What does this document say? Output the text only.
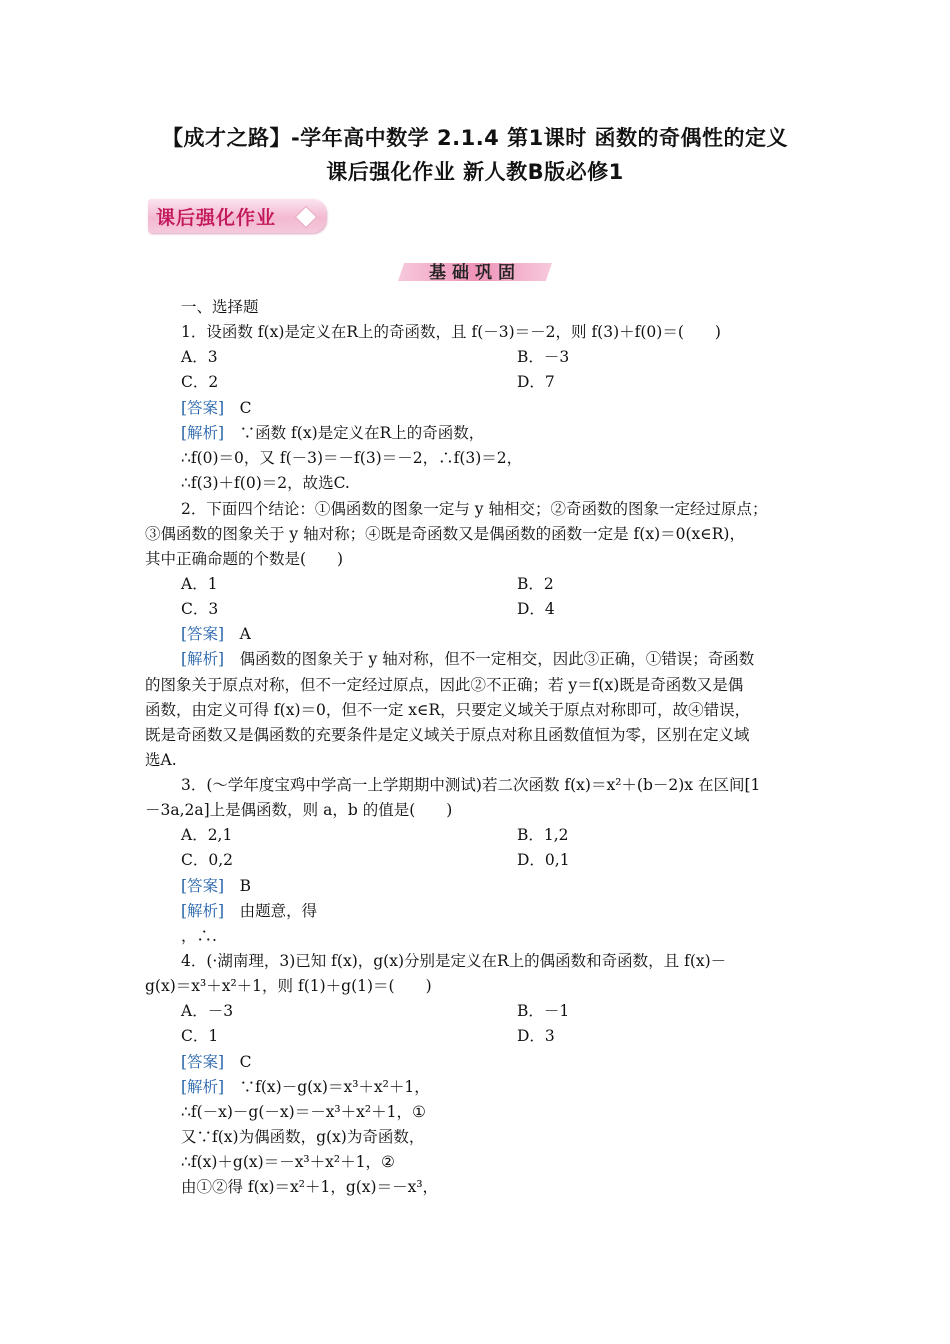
【成才之路】-学年高中数学 2.1.4 第1课时 函数的奇偶性的定义
课后强化作业 新人教B版必修1
课后强化作业
基础巩固
一、选择题
1．设函数 f(x)是定义在R上的奇函数，且 f(－3)＝－2，则 f(3)＋f(0)＝(　　)
A．3	B．－3
C．2	D．7
[答案]　 C
[解析]　 ∵函数 f(x)是定义在R上的奇函数，
∴f(0)＝0，又 f(－3)＝－f(3)＝－2，∴f(3)＝2，
∴f(3)＋f(0)＝2，故选C.
2．下面四个结论：①偶函数的图象一定与 y 轴相交；②奇函数的图象一定经过原点；
③偶函数的图象关于 y 轴对称；④既是奇函数又是偶函数的函数一定是 f(x)＝0(x∈R)，
其中正确命题的个数是(　　)
A．1	B．2
C．3	D．4
[答案]　 A
[解析]　 偶函数的图象关于 y 轴对称，但不一定相交，因此③正确，①错误；奇函数
的图象关于原点对称，但不一定经过原点，因此②不正确；若 y＝f(x)既是奇函数又是偶
函数，由定义可得 f(x)＝0，但不一定 x∈R，只要定义域关于原点对称即可，故④错误，
既是奇函数又是偶函数的充要条件是定义域关于原点对称且函数值恒为零，区别在定义域
选A.
3．(～学年度宝鸡中学高一上学期期中测试)若二次函数 f(x)＝x²＋(b－2)x 在区间[1
－3a,2a]上是偶函数，则 a，b 的值是(　　)
A．2,1	B．1,2
C．0,2	D．0,1
[答案]　 B
[解析]　 由题意，得
，∴.
4．(·湖南理，3)已知 f(x)，g(x)分别是定义在R上的偶函数和奇函数，且 f(x)－
g(x)＝x³＋x²＋1，则 f(1)＋g(1)＝(　　)
A．－3	B．－1
C．1	D．3
[答案]　 C
[解析]　 ∵f(x)－g(x)＝x³＋x²＋1，
∴f(－x)－g(－x)＝－x³＋x²＋1，①
又∵f(x)为偶函数，g(x)为奇函数，
∴f(x)＋g(x)＝－x³＋x²＋1，②
由①②得 f(x)＝x²＋1，g(x)＝－x³，
